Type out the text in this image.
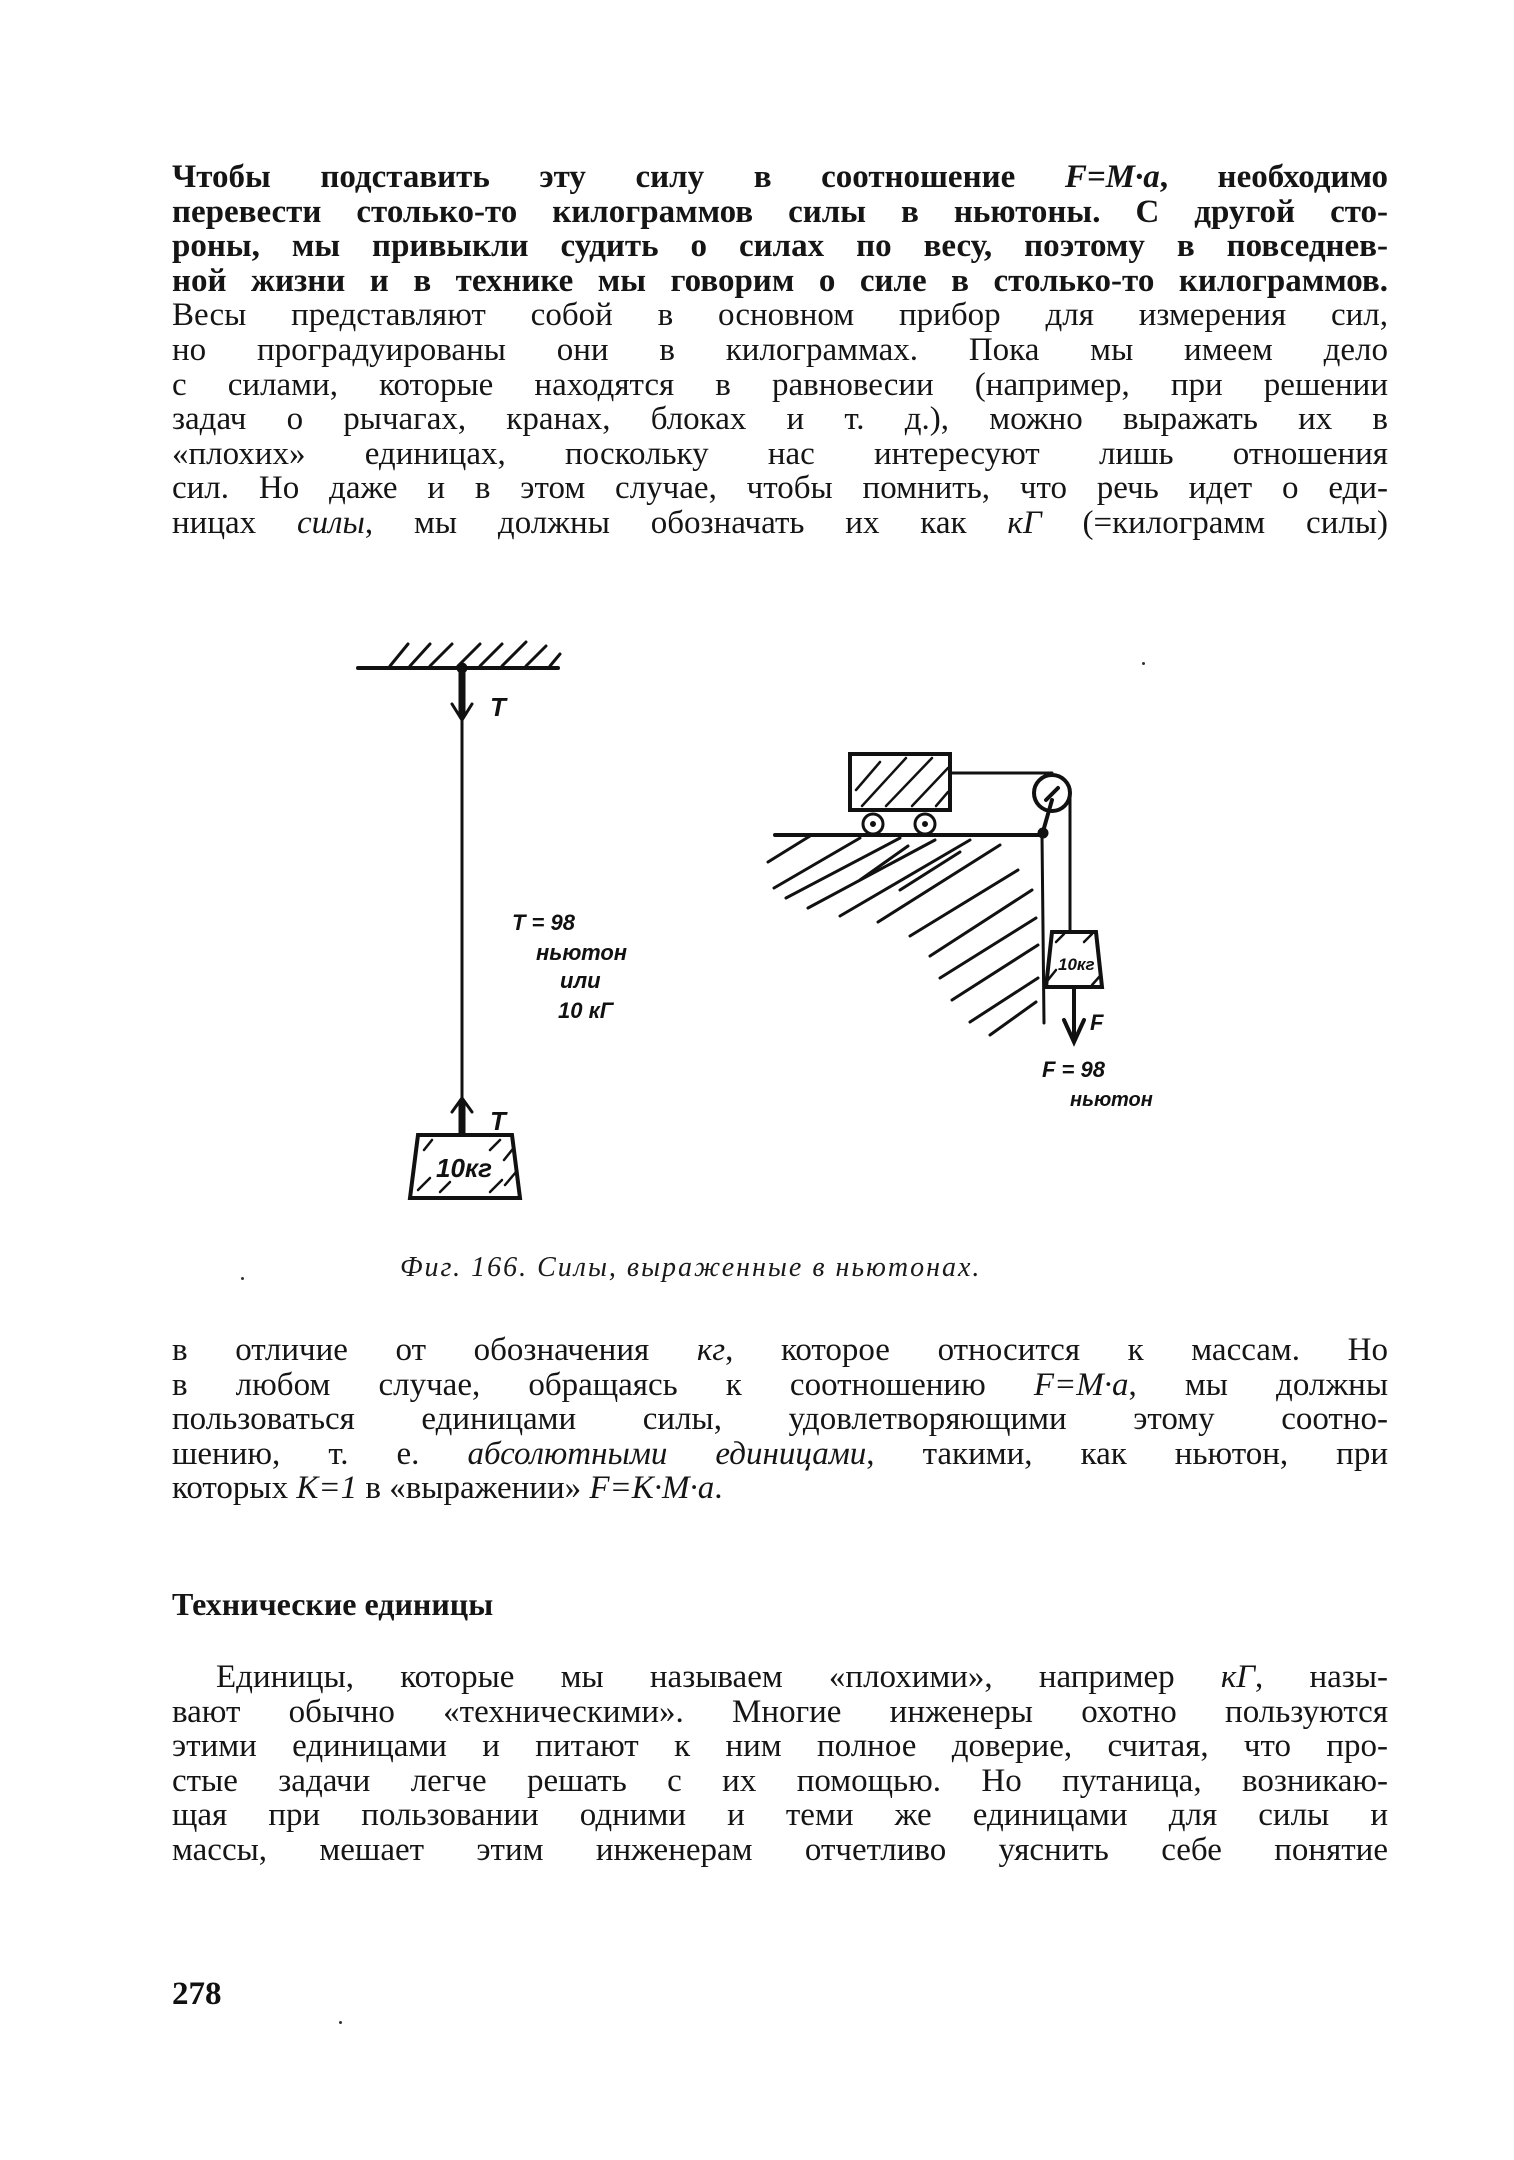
Чтобы подставить эту силу в соотношение F=M·a, необходимо
перевести столько-то килограммов силы в ньютоны. С другой сто-
роны, мы привыкли судить о силах по весу, поэтому в повседнев-
ной жизни и в технике мы говорим о силе в столько-то килограммов.
Весы представляют собой в основном прибор для измерения сил,
но проградуированы они в килограммах. Пока мы имеем дело
с силами, которые находятся в равновесии (например, при решении
задач о рычагах, кранах, блоках и т. д.), можно выражать их в
«плохих» единицах, поскольку нас интересуют лишь отношения
сил. Но даже и в этом случае, чтобы помнить, что речь идет о еди-
ницах силы, мы должны обозначать их как кГ (=килограмм силы)
T
T
10кг
T = 98
ньютон
или
10 кГ
10кг
F
F = 98
ньютон
Фиг. 166. Силы, выраженные в ньютонах.
в отличие от обозначения кг, которое относится к массам. Но
в любом случае, обращаясь к соотношению F=M·a, мы должны
пользоваться единицами силы, удовлетворяющими этому соотно-
шению, т. е. абсолютными единицами, такими, как ньютон, при
которых K=1 в «выражении» F=K·M·a.
Технические единицы
Единицы, которые мы называем «плохими», например кГ, назы-
вают обычно «техническими». Многие инженеры охотно пользуются
этими единицами и питают к ним полное доверие, считая, что про-
стые задачи легче решать с их помощью. Но путаница, возникаю-
щая при пользовании одними и теми же единицами для силы и
массы, мешает этим инженерам отчетливо уяснить себе понятие
278
